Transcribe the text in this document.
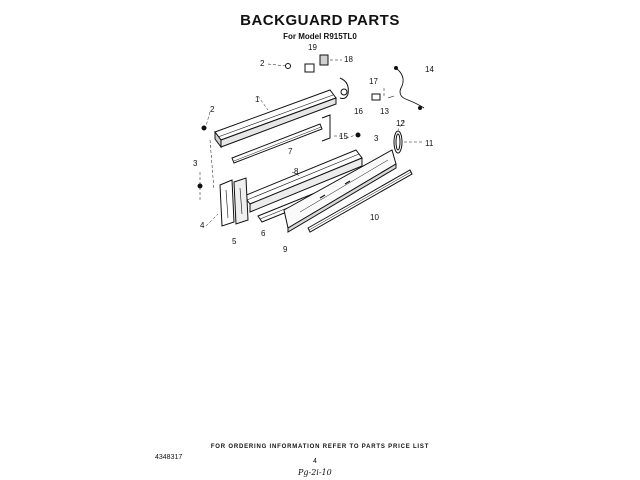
BACKGUARD PARTS
For Model R915TL0
1
2
2
3
3
4
5
6
7
8
9
10
11
12
13
14
15
16
17
18
19
FOR ORDERING INFORMATION REFER TO PARTS PRICE LIST
4348317
4
Pg-2i-10
